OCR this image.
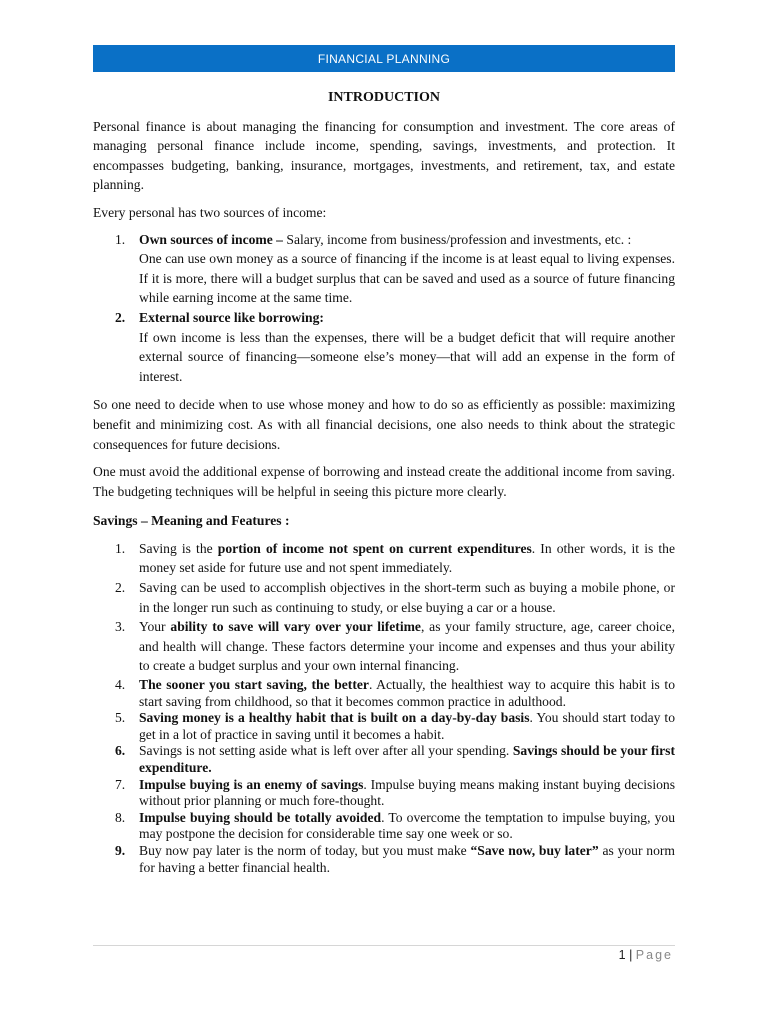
FINANCIAL PLANNING
INTRODUCTION

Personal finance is about managing the financing for consumption and investment. The core areas of managing personal finance include income, spending, savings, investments, and protection. It encompasses budgeting, banking, insurance, mortgages, investments, and retirement, tax, and estate planning.

Every personal has two sources of income:

1. Own sources of income – Salary, income from business/profession and investments, etc. :
One can use own money as a source of financing if the income is at least equal to living expenses. If it is more, there will a budget surplus that can be saved and used as a source of future financing while earning income at the same time.
2. External source like borrowing:
If own income is less than the expenses, there will be a budget deficit that will require another external source of financing—someone else’s money—that will add an expense in the form of interest.

So one need to decide when to use whose money and how to do so as efficiently as possible: maximizing benefit and minimizing cost. As with all financial decisions, one also needs to think about the strategic consequences for future decisions.

One must avoid the additional expense of borrowing and instead create the additional income from saving. The budgeting techniques will be helpful in seeing this picture more clearly.

Savings – Meaning and Features :
1. Saving is the portion of income not spent on current expenditures. In other words, it is the money set aside for future use and not spent immediately.
2. Saving can be used to accomplish objectives in the short-term such as buying a mobile phone, or in the longer run such as continuing to study, or else buying a car or a house.
3. Your ability to save will vary over your lifetime, as your family structure, age, career choice, and health will change. These factors determine your income and expenses and thus your ability to create a budget surplus and your own internal financing.
4. The sooner you start saving, the better. Actually, the healthiest way to acquire this habit is to start saving from childhood, so that it becomes common practice in adulthood.
5. Saving money is a healthy habit that is built on a day-by-day basis. You should start today to get in a lot of practice in saving until it becomes a habit.
6. Savings is not setting aside what is left over after all your spending. Savings should be your first expenditure.
7. Impulse buying is an enemy of savings. Impulse buying means making instant buying decisions without prior planning or much fore-thought.
8. Impulse buying should be totally avoided. To overcome the temptation to impulse buying, you may postpone the decision for considerable time say one week or so.
9. Buy now pay later is the norm of today, but you must make “Save now, buy later” as your norm for having a better financial health.
1 | Page
